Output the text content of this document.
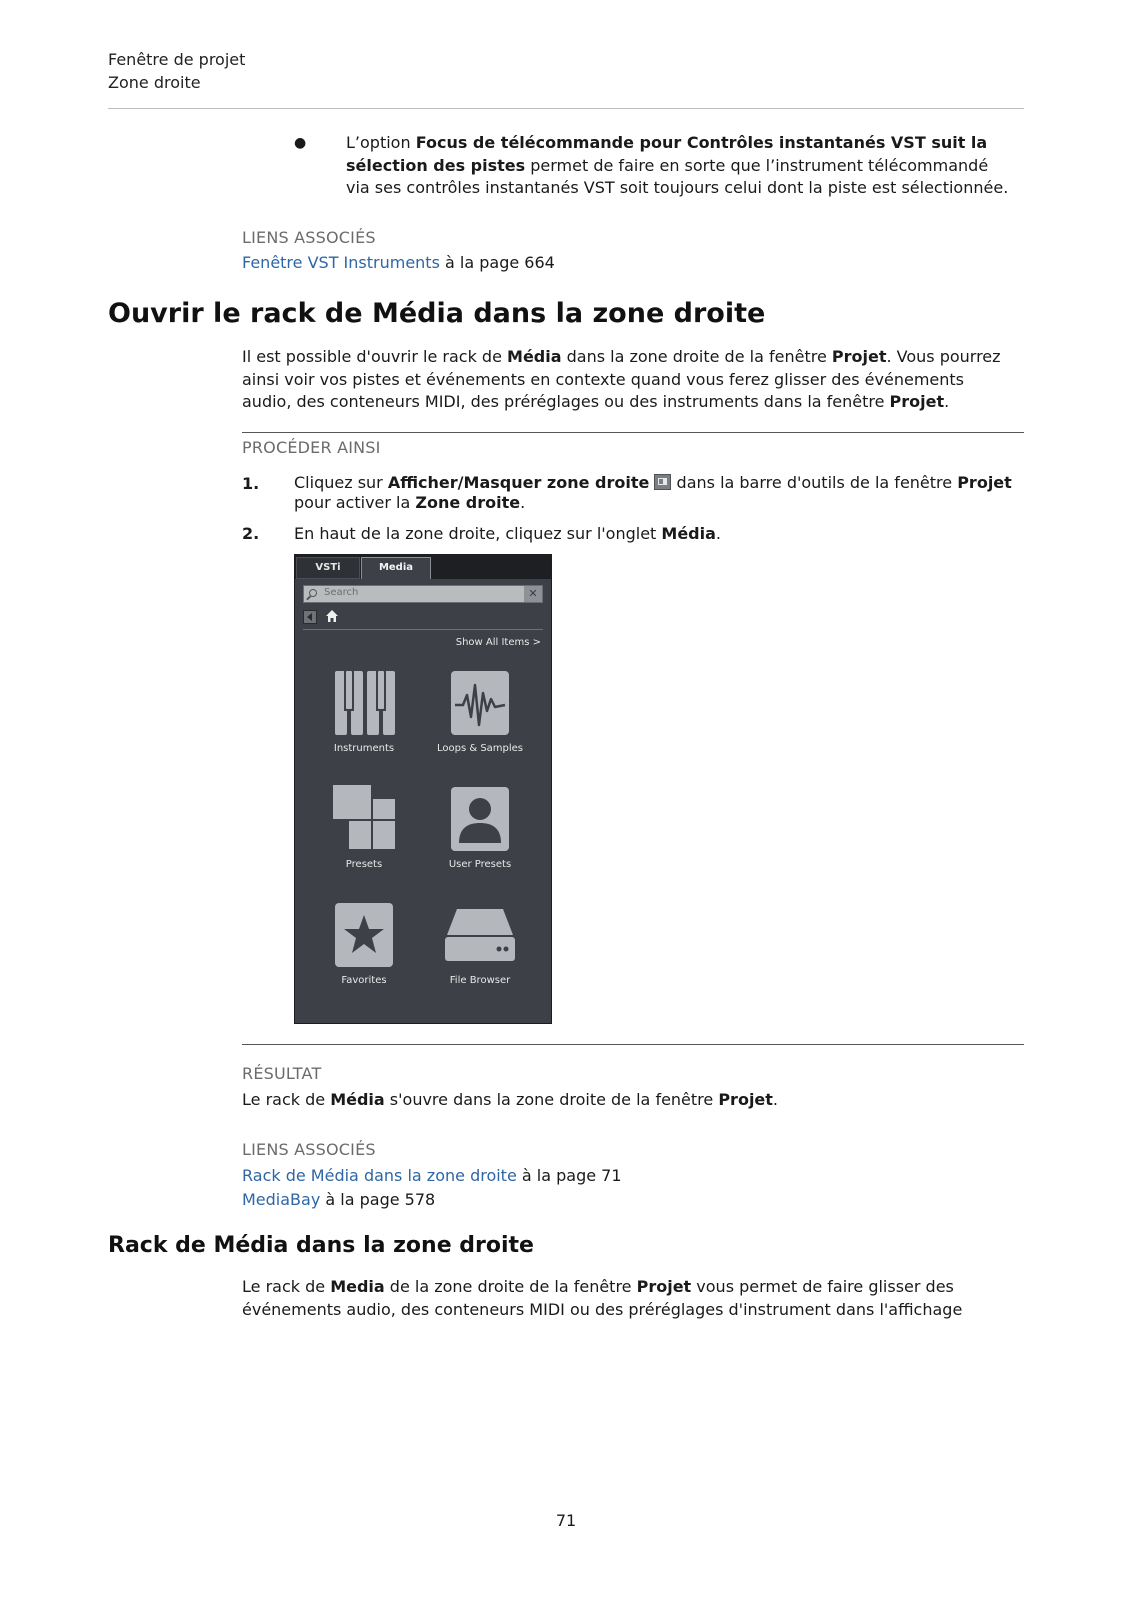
Fenêtre de projet
Zone droite
● L’option Focus de télécommande pour Contrôles instantanés VST suit la sélection des pistes permet de faire en sorte que l’instrument télécommandé via ses contrôles instantanés VST soit toujours celui dont la piste est sélectionnée.
LIENS ASSOCIÉS
Fenêtre VST Instruments à la page 664
Ouvrir le rack de Média dans la zone droite
Il est possible d'ouvrir le rack de Média dans la zone droite de la fenêtre Projet. Vous pourrez ainsi voir vos pistes et événements en contexte quand vous ferez glisser des événements audio, des conteneurs MIDI, des préréglages ou des instruments dans la fenêtre Projet.
PROCÉDER AINSI
1. Cliquez sur Afficher/Masquer zone droite  dans la barre d'outils de la fenêtre Projet pour activer la Zone droite.
2. En haut de la zone droite, cliquez sur l'onglet Média.
VSTi	Media
Search	✕
Show All Items >
Instruments	Loops & Samples
Presets	User Presets
Favorites	File Browser
RÉSULTAT
Le rack de Média s'ouvre dans la zone droite de la fenêtre Projet.
LIENS ASSOCIÉS
Rack de Média dans la zone droite à la page 71
MediaBay à la page 578
Rack de Média dans la zone droite
Le rack de Media de la zone droite de la fenêtre Projet vous permet de faire glisser des événements audio, des conteneurs MIDI ou des préréglages d'instrument dans l'affichage
71
